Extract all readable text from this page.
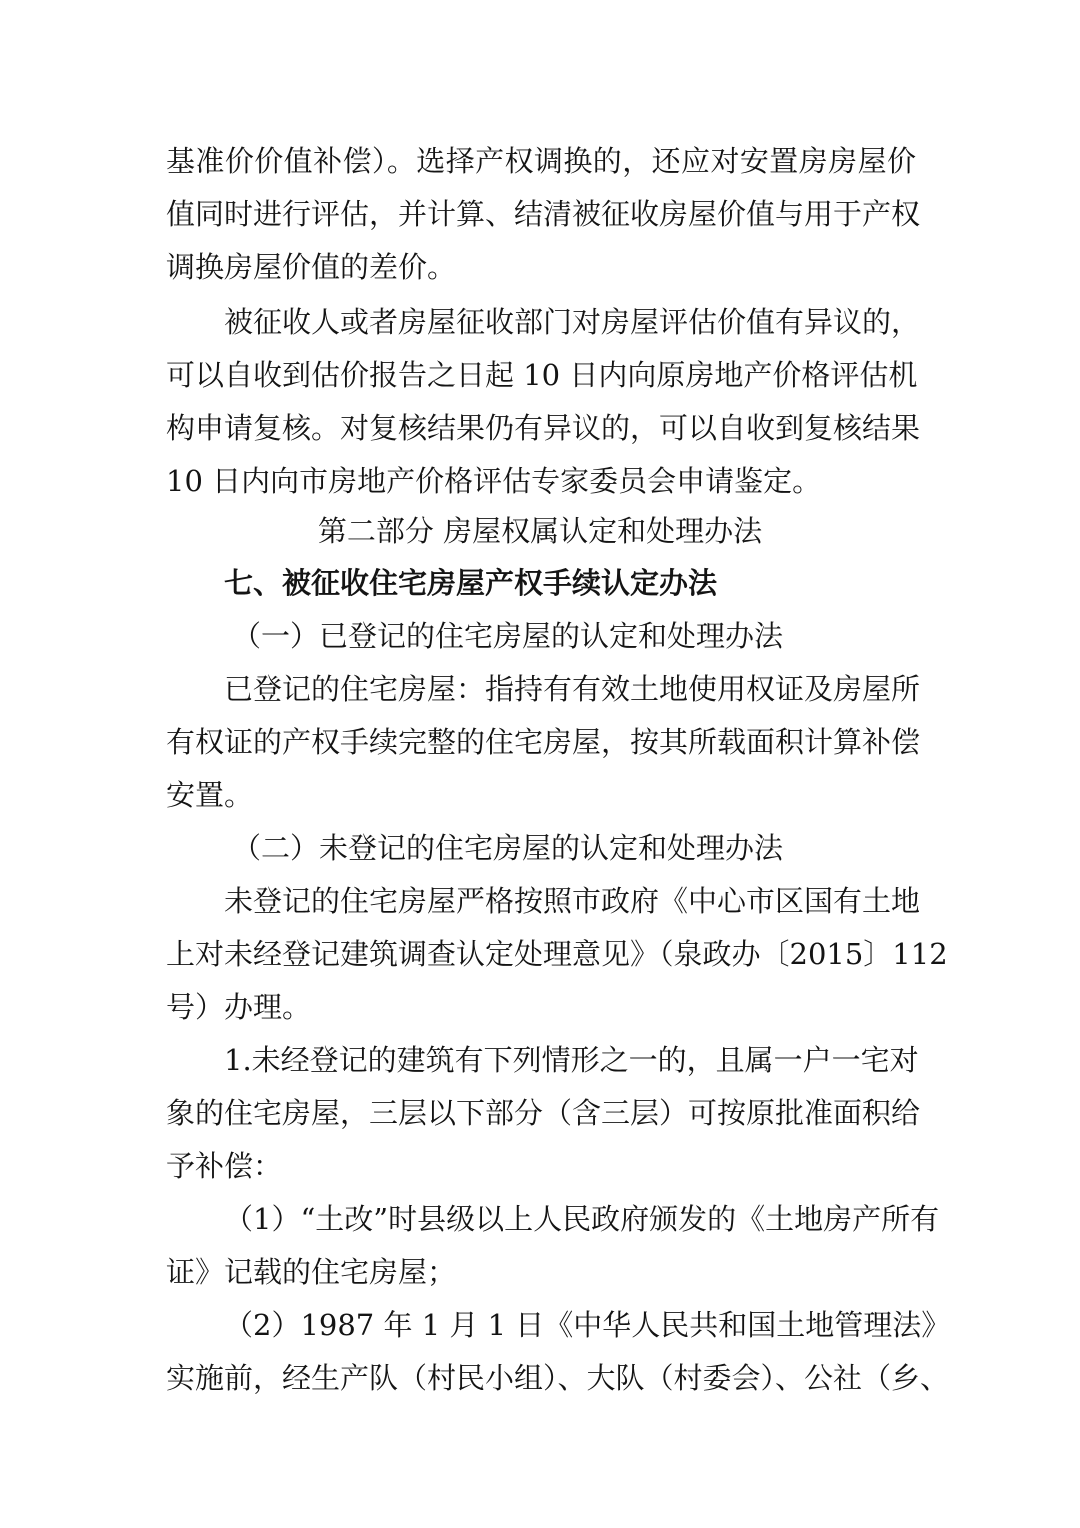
基准价价值补偿）。选择产权调换的，还应对安置房房屋价
值同时进行评估，并计算、结清被征收房屋价值与用于产权
调换房屋价值的差价。
被征收人或者房屋征收部门对房屋评估价值有异议的，
可以自收到估价报告之日起 10 日内向原房地产价格评估机
构申请复核。对复核结果仍有异议的，可以自收到复核结果
10 日内向市房地产价格评估专家委员会申请鉴定。
第二部分 房屋权属认定和处理办法
七、被征收住宅房屋产权手续认定办法
（一）已登记的住宅房屋的认定和处理办法
已登记的住宅房屋：指持有有效土地使用权证及房屋所
有权证的产权手续完整的住宅房屋，按其所载面积计算补偿
安置。
（二）未登记的住宅房屋的认定和处理办法
未登记的住宅房屋严格按照市政府《中心市区国有土地
上对未经登记建筑调查认定处理意见》（泉政办〔2015〕112
号）办理。
1.未经登记的建筑有下列情形之一的，且属一户一宅对
象的住宅房屋，三层以下部分（含三层）可按原批准面积给
予补偿：
（1）“土改”时县级以上人民政府颁发的《土地房产所有
证》记载的住宅房屋；
（2）1987 年 1 月 1 日《中华人民共和国土地管理法》
实施前，经生产队（村民小组）、大队（村委会）、公社（乡、
